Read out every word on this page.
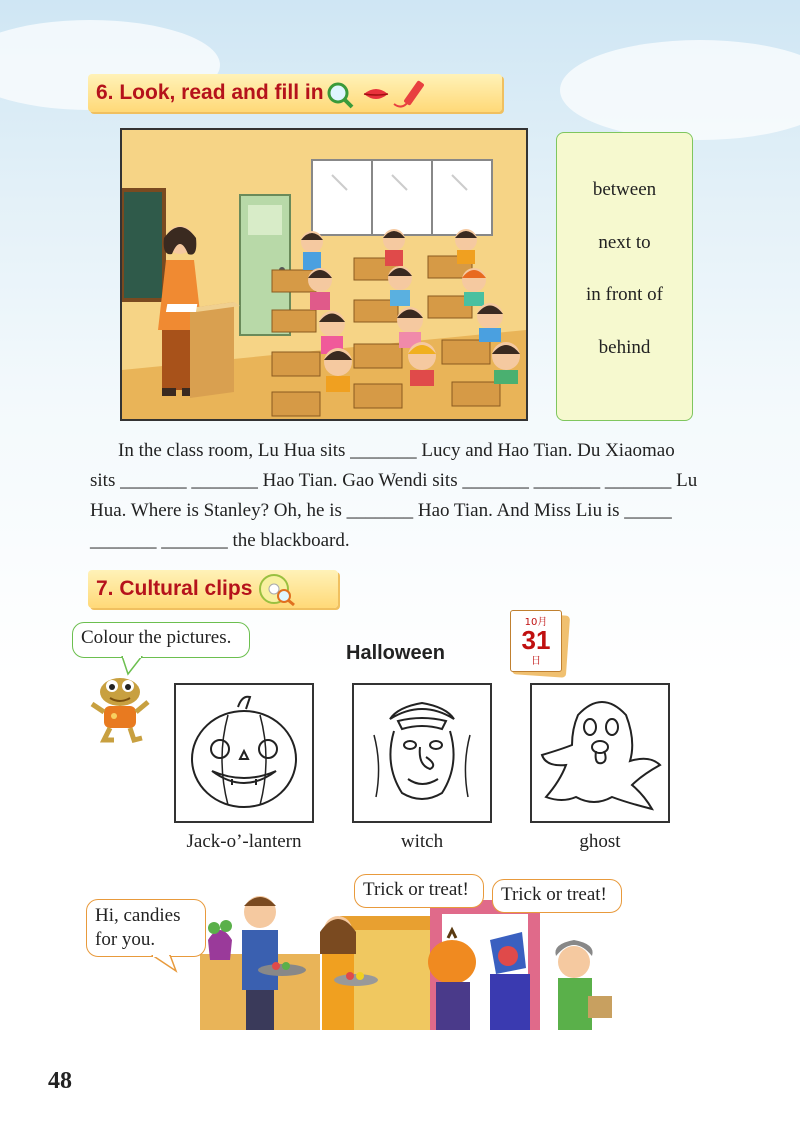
6. Look, read and fill in
between
next to
in front of
behind
In the class room, Lu Hua sits _______ Lucy and Hao Tian. Du Xiaomao
sits _______ _______ Hao Tian. Gao Wendi sits _______ _______ _______ Lu
Hua. Where is Stanley? Oh, he is _______ Hao Tian. And Miss Liu is _____
_______ _______ the blackboard.
7. Cultural clips
Colour the pictures.
Halloween
10月
31
日
Jack-o’-lantern	witch	ghost
Hi, candies for you.
Trick or treat!	Trick or treat!
48
